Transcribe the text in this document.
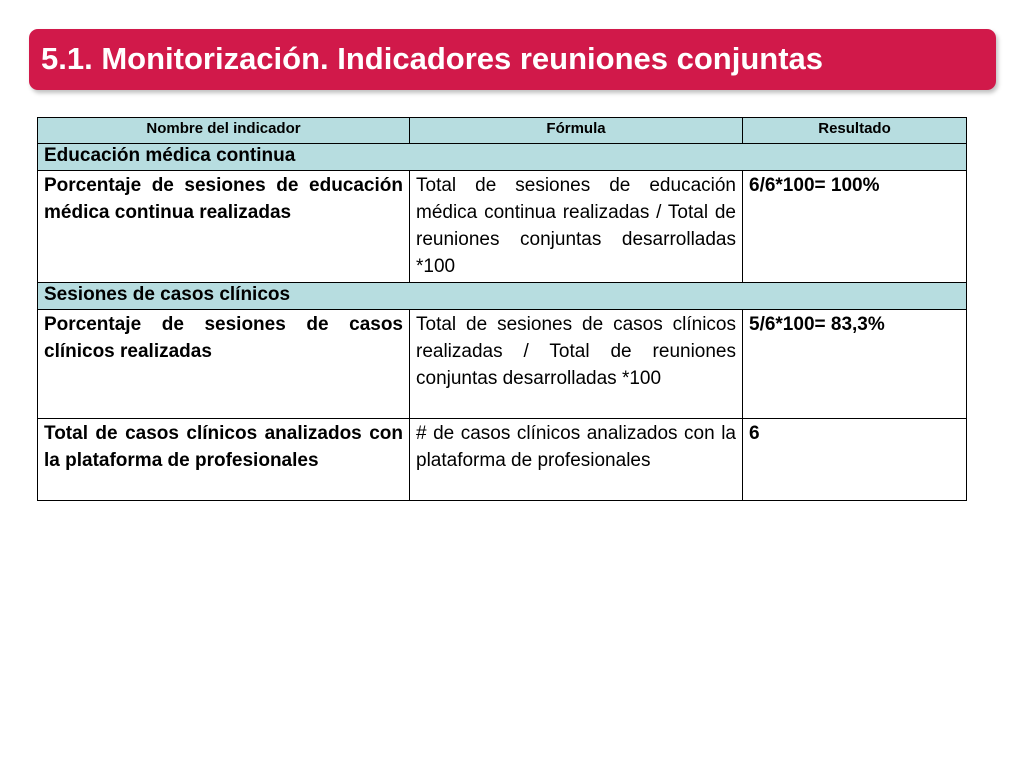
5.1. Monitorización. Indicadores reuniones conjuntas
Nombre del indicador	Fórmula	Resultado
Educación médica continua		
Porcentaje de sesiones de educación médica continua realizadas	Total de sesiones de educación médica continua realizadas / Total de reuniones conjuntas desarrolladas *100	6/6*100= 100%
Sesiones de casos clínicos		
Porcentaje de sesiones de casos clínicos realizadas	Total de sesiones de casos clínicos realizadas / Total de reuniones conjuntas desarrolladas *100	5/6*100= 83,3%
Total de casos clínicos analizados con la plataforma de profesionales	# de casos clínicos analizados con la plataforma de profesionales	6
